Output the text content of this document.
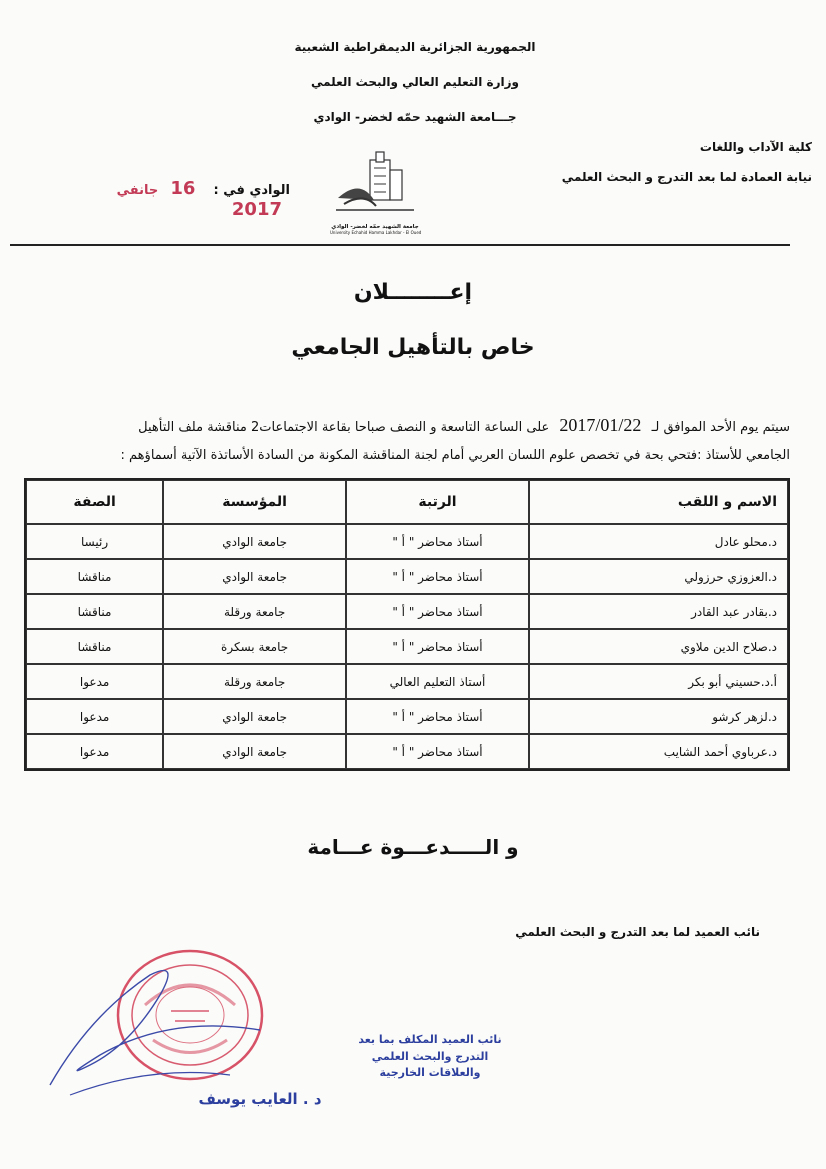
الجمهورية الجزائرية الديمقراطية الشعبية
وزارة التعليم العالي والبحث العلمي
جـــامعة الشهيد حمّه لخضر- الوادي
كلية الآداب واللغات
نيابة العمادة لما بعد التدرج و البحث العلمي
الوادي في : 16 جانفي 2017
جامعة الشهيد حمّه لخضر- الوادي
University Echahid Hamma Lakhdar - El Oued
إعــــــــلان
خاص بالتأهيل الجامعي
سيتم يوم الأحد الموافق لـ 2017/01/22 على الساعة التاسعة و النصف صباحا بقاعة الاجتماعات2 مناقشة ملف التأهيل
الجامعي للأستاذ :فتحي بحة في تخصص علوم اللسان العربي أمام لجنة المناقشة المكونة من السادة الأساتذة الآتية أسماؤهم :
الاسم و اللقب	الرتبة	المؤسسة	الصفة
د.محلو عادل	أستاذ محاضر " أ "	جامعة الوادي	رئيسا
د.العزوزي حرزولي	أستاذ محاضر " أ "	جامعة الوادي	مناقشا
د.بقادر عبد القادر	أستاذ محاضر " أ "	جامعة ورقلة	مناقشا
د.صلاح الدين ملاوي	أستاذ محاضر " أ "	جامعة بسكرة	مناقشا
أ.د.حسيني أبو بكر	أستاذ التعليم العالي	جامعة ورقلة	مدعوا
د.لزهر كرشو	أستاذ محاضر " أ "	جامعة الوادي	مدعوا
د.عرباوي أحمد الشايب	أستاذ محاضر " أ "	جامعة الوادي	مدعوا
و الـــــدعـــوة عـــامة
نائب العميد لما بعد التدرج و البحث العلمي
نائب العميد المكلف بما بعد التدرج والبحث العلمي والعلاقات الخارجية
د . العايب يوسف
